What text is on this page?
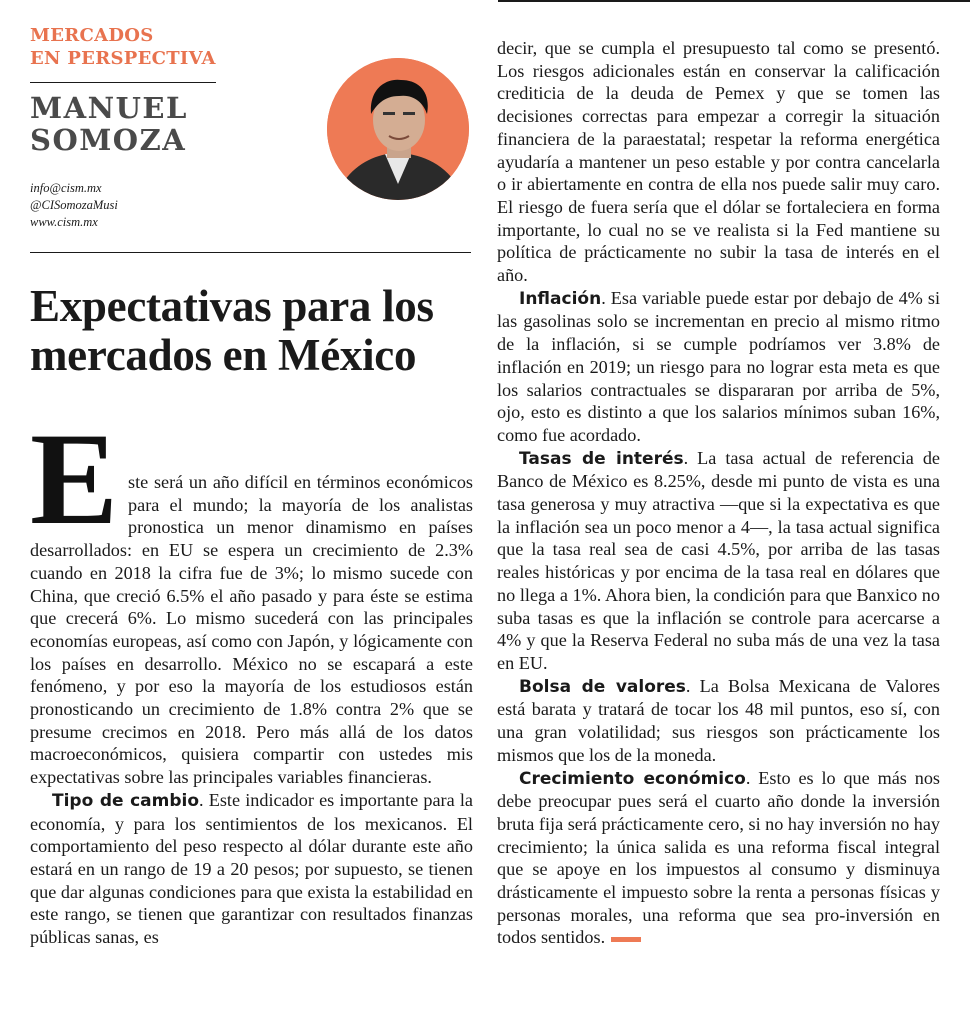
MERCADOS
EN PERSPECTIVA
MANUEL
SOMOZA
info@cism.mx
@CISomozaMusi
www.cism.mx
Expectativas para los mercados en México

E ste será un año difícil en términos económicos para el mundo; la mayoría de los analistas pronostica un menor dinamismo en países desarrollados: en EU se espera un crecimiento de 2.3% cuando en 2018 la cifra fue de 3%; lo mismo sucede con China, que creció 6.5% el año pasado y para éste se estima que crecerá 6%. Lo mismo sucederá con las principales economías europeas, así como con Japón, y lógicamente con los países en desarrollo. México no se escapará a este fenómeno, y por eso la mayoría de los estudiosos están pronosticando un crecimiento de 1.8% contra 2% que se presume crecimos en 2018. Pero más allá de los datos macroeconómicos, quisiera compartir con ustedes mis expectativas sobre las principales variables financieras.

Tipo de cambio. Este indicador es importante para la economía, y para los sentimientos de los mexicanos. El comportamiento del peso respecto al dólar durante este año estará en un rango de 19 a 20 pesos; por supuesto, se tienen que dar algunas condiciones para que exista la estabilidad en este rango, se tienen que garantizar con resultados finanzas públicas sanas, es

decir, que se cumpla el presupuesto tal como se presentó. Los riesgos adicionales están en conservar la calificación crediticia de la deuda de Pemex y que se tomen las decisiones correctas para empezar a corregir la situación financiera de la paraestatal; respetar la reforma energética ayudaría a mantener un peso estable y por contra cancelarla o ir abiertamente en contra de ella nos puede salir muy caro. El riesgo de fuera sería que el dólar se fortaleciera en forma importante, lo cual no se ve realista si la Fed mantiene su política de prácticamente no subir la tasa de interés en el año.

Inflación. Esa variable puede estar por debajo de 4% si las gasolinas solo se incrementan en precio al mismo ritmo de la inflación, si se cumple podríamos ver 3.8% de inflación en 2019; un riesgo para no lograr esta meta es que los salarios contractuales se dispararan por arriba de 5%, ojo, esto es distinto a que los salarios mínimos suban 16%, como fue acordado.

Tasas de interés. La tasa actual de referencia de Banco de México es 8.25%, desde mi punto de vista es una tasa generosa y muy atractiva —que si la expectativa es que la inflación sea un poco menor a 4—, la tasa actual significa que la tasa real sea de casi 4.5%, por arriba de las tasas reales históricas y por encima de la tasa real en dólares que no llega a 1%. Ahora bien, la condición para que Banxico no suba tasas es que la inflación se controle para acercarse a 4% y que la Reserva Federal no suba más de una vez la tasa en EU.

Bolsa de valores. La Bolsa Mexicana de Valores está barata y tratará de tocar los 48 mil puntos, eso sí, con una gran volatilidad; sus riesgos son prácticamente los mismos que los de la moneda.

Crecimiento económico. Esto es lo que más nos debe preocupar pues será el cuarto año donde la inversión bruta fija será prácticamente cero, si no hay inversión no hay crecimiento; la única salida es una reforma fiscal integral que se apoye en los impuestos al consumo y disminuya drásticamente el impuesto sobre la renta a personas físicas y personas morales, una reforma que sea pro-inversión en todos sentidos.
